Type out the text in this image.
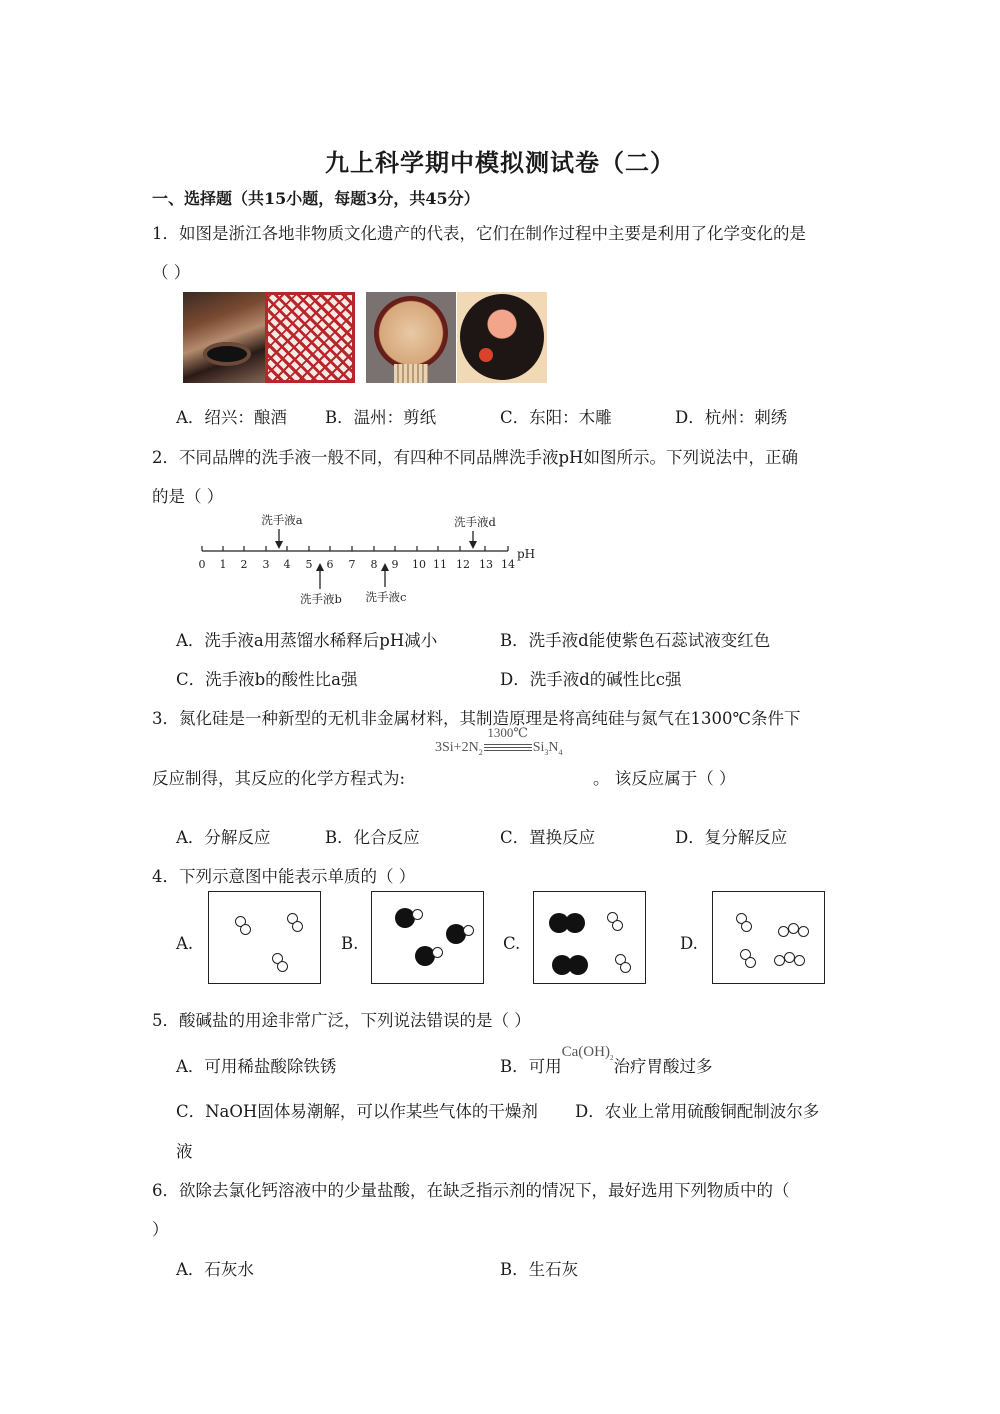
九上科学期中模拟测试卷（二）
一、选择题（共15小题，每题3分，共45分）
1．如图是浙江各地非物质文化遗产的代表，它们在制作过程中主要是利用了化学变化的是
（ ）
A．绍兴：酿酒 B．温州：剪纸	C．东阳：木雕	D．杭州：刺绣
2．不同品牌的洗手液一般不同，有四种不同品牌洗手液pH如图所示。下列说法中，正确
的是（ ）
0 1 2 3 4 5 6 7 8 9 10 11 12 13 14
pH
洗手液a	洗手液d
洗手液b 洗手液c
A．洗手液a用蒸馏水稀释后pH减小	B．洗手液d能使紫色石蕊试液变红色
C．洗手液b的酸性比a强	D．洗手液d的碱性比c强
3．氮化硅是一种新型的无机非金属材料，其制造原理是将高纯硅与氮气在1300℃条件下
反应制得，其反应的化学方程式为:
$3Si+2N_2$
1300℃
$Si_3N_4$
。 该反应属于（ ）
A．分解反应	B．化合反应	C．置换反应	D．复分解反应
4．下列示意图中能表示单质的（ ）
A.	B.	C.	D.
5．酸碱盐的用途非常广泛，下列说法错误的是（ ）
A．可用稀盐酸除铁锈	B．可用$Ca(OH)_2$治疗胃酸过多
C．NaOH固体易潮解，可以作某些气体的干燥剂 D．农业上常用硫酸铜配制波尔多
液
6．欲除去氯化钙溶液中的少量盐酸，在缺乏指示剂的情况下，最好选用下列物质中的（
）
A．石灰水	B．生石灰
